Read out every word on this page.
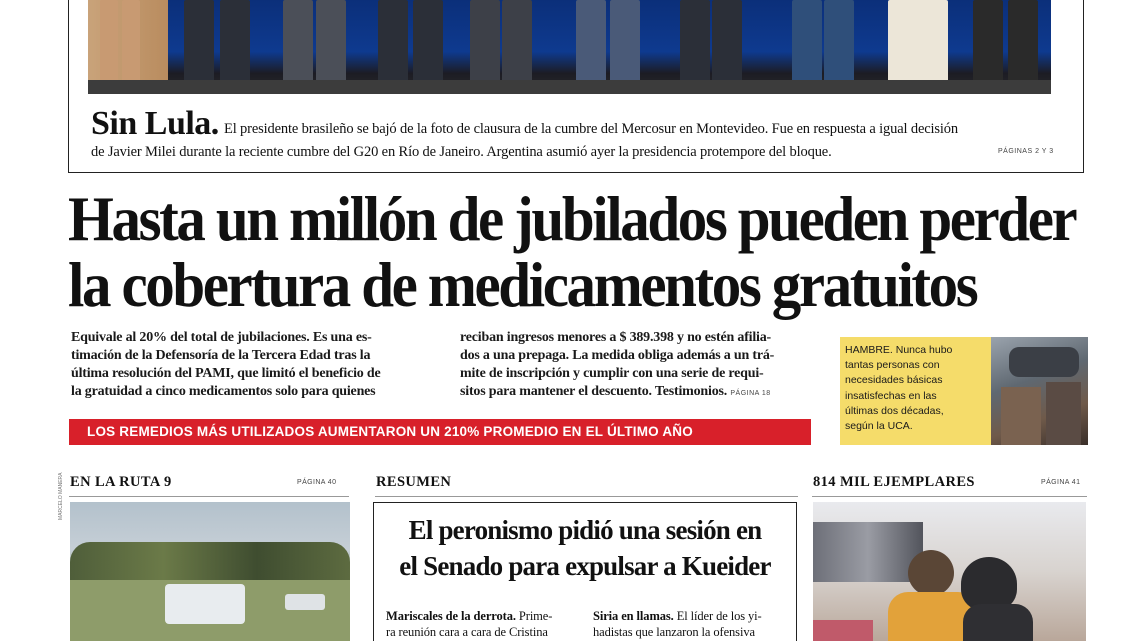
Sin Lula. El presidente brasileño se bajó de la foto de clausura de la cumbre del Mercosur en Montevideo. Fue en respuesta a igual decisión
de Javier Milei durante la reciente cumbre del G20 en Río de Janeiro. Argentina asumió ayer la presidencia protempore del bloque.	PÁGINAS 2 Y 3
Hasta un millón de jubilados pueden perder
la cobertura de medicamentos gratuitos
Equivale al 20% del total de jubilaciones. Es una es-
timación de la Defensoría de la Tercera Edad tras la
última resolución del PAMI, que limitó el beneficio de
la gratuidad a cinco medicamentos solo para quienes
reciban ingresos menores a $ 389.398 y no estén afilia-
dos a una prepaga. La medida obliga además a un trá-
mite de inscripción y cumplir con una serie de requi-
sitos para mantener el descuento. Testimonios. PÁGINA 18
LOS REMEDIOS MÁS UTILIZADOS AUMENTARON UN 210% PROMEDIO EN EL ÚLTIMO AÑO
HAMBRE. Nunca hubo
tantas personas con
necesidades básicas
insatisfechas en las
últimas dos décadas,
según la UCA.
EN LA RUTA 9	PÁGINA 40
MARCELO MANERA	RESUMEN
El peronismo pidió una sesión en
el Senado para expulsar a Kueider
Mariscales de la derrota. Prime-
ra reunión cara a cara de Cristina
Siria en llamas. El líder de los yi-
hadistas que lanzaron la ofensiva
814 MIL EJEMPLARES	PÁGINA 41
